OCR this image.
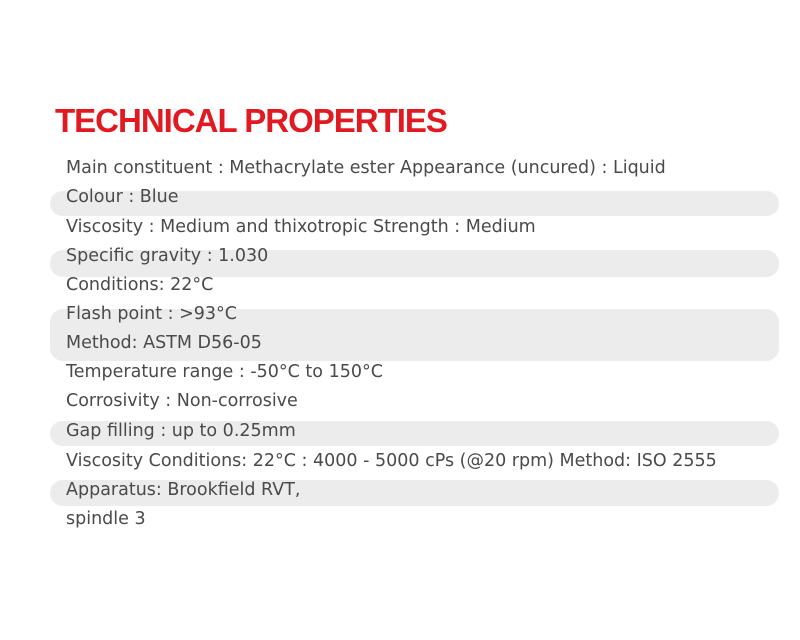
TECHNICAL PROPERTIES
Main constituent : Methacrylate ester Appearance (uncured) : Liquid
Colour : Blue
Viscosity : Medium and thixotropic Strength : Medium
Specific gravity : 1.030
Conditions: 22°C
Flash point : >93°C
Method: ASTM D56-05
Temperature range : -50°C to 150°C
Corrosivity : Non-corrosive
Gap filling : up to 0.25mm
Viscosity Conditions: 22°C : 4000 - 5000 cPs (@20 rpm) Method: ISO 2555
Apparatus: Brookfield RVT,
spindle 3
